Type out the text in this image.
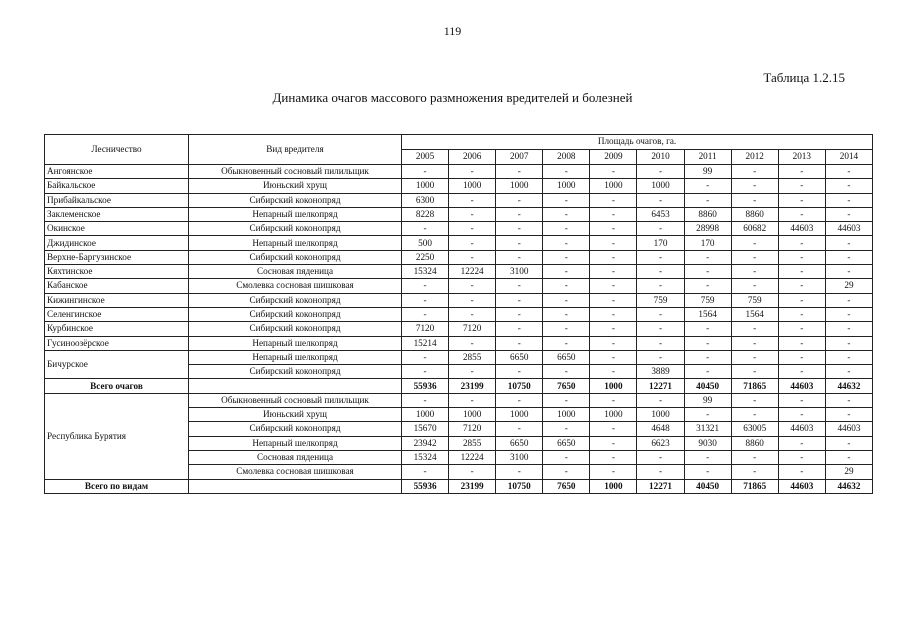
119
Таблица 1.2.15
Динамика очагов массового размножения вредителей и болезней
Лесничество	Вид вредителя	Площадь очагов, га.									
		2005	2006	2007	2008	2009	2010	2011	2012	2013	2014
Ангоянское	Обыкновенный сосновый пилильщик	-	-	-	-	-	-	99	-	-	-
Байкальское	Июньский хрущ	1000	1000	1000	1000	1000	1000	-	-	-	-
Прибайкальское	Сибирский коконопряд	6300	-	-	-	-	-	-	-	-	-
Заклеменское	Непарный шелкопряд	8228	-	-	-	-	6453	8860	8860	-	-
Окинское	Сибирский коконопряд	-	-	-	-	-	-	28998	60682	44603	44603
Джидинское	Непарный шелкопряд	500	-	-	-	-	170	170	-	-	-
Верхне-Баргузинское	Сибирский коконопряд	2250	-	-	-	-	-	-	-	-	-
Кяхтинское	Сосновая пяденица	15324	12224	3100	-	-	-	-	-	-	-
Кабанское	Смолевка сосновая шишковая	-	-	-	-	-	-	-	-	-	29
Кижингинское	Сибирский коконопряд	-	-	-	-	-	759	759	759	-	-
Селенгинское	Сибирский коконопряд	-	-	-	-	-	-	1564	1564	-	-
Курбинское	Сибирский коконопряд	7120	7120	-	-	-	-	-	-	-	-
Гусиноозёрское	Непарный шелкопряд	15214	-	-	-	-	-	-	-	-	-
Бичурское	Непарный шелкопряд	-	2855	6650	6650	-	-	-	-	-	-
	Сибирский коконопряд	-	-	-	-	-	3889	-	-	-	-
Всего очагов		55936	23199	10750	7650	1000	12271	40450	71865	44603	44632
Республика Бурятия	Обыкновенный сосновый пилильщик	-	-	-	-	-	-	99	-	-	-
	Июньский хрущ	1000	1000	1000	1000	1000	1000	-	-	-	-
	Сибирский коконопряд	15670	7120	-	-	-	4648	31321	63005	44603	44603
	Непарный шелкопряд	23942	2855	6650	6650	-	6623	9030	8860	-	-
	Сосновая пяденица	15324	12224	3100	-	-	-	-	-	-	-
	Смолевка сосновая шишковая	-	-	-	-	-	-	-	-	-	29
Всего по видам		55936	23199	10750	7650	1000	12271	40450	71865	44603	44632
